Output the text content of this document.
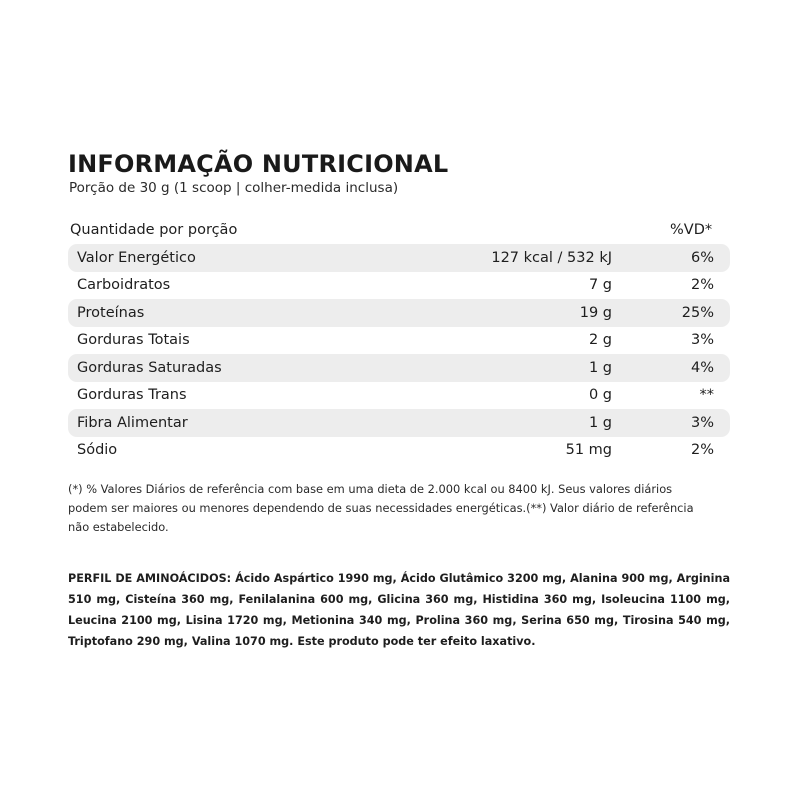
INFORMAÇÃO NUTRICIONAL
Porção de 30 g (1 scoop | colher-medida inclusa)
Quantidade por porção	%VD*
Valor Energético	127 kcal / 532 kJ	6%
Carboidratos	7 g	2%
Proteínas	19 g	25%
Gorduras Totais	2 g	3%
Gorduras Saturadas	1 g	4%
Gorduras Trans	0 g	**
Fibra Alimentar	1 g	3%
Sódio	51 mg	2%
(*) % Valores Diários de referência com base em uma dieta de 2.000 kcal ou 8400 kJ. Seus valores diários
podem ser maiores ou menores dependendo de suas necessidades energéticas.(**) Valor diário de referência
não estabelecido.
PERFIL DE AMINOÁCIDOS: Ácido Aspártico 1990 mg, Ácido Glutâmico 3200 mg, Alanina 900 mg, Arginina
510 mg, Cisteína 360 mg, Fenilalanina 600 mg, Glicina 360 mg, Histidina 360 mg, Isoleucina 1100 mg,
Leucina 2100 mg, Lisina 1720 mg, Metionina 340 mg, Prolina 360 mg, Serina 650 mg, Tirosina 540 mg,
Triptofano 290 mg, Valina 1070 mg. Este produto pode ter efeito laxativo.
